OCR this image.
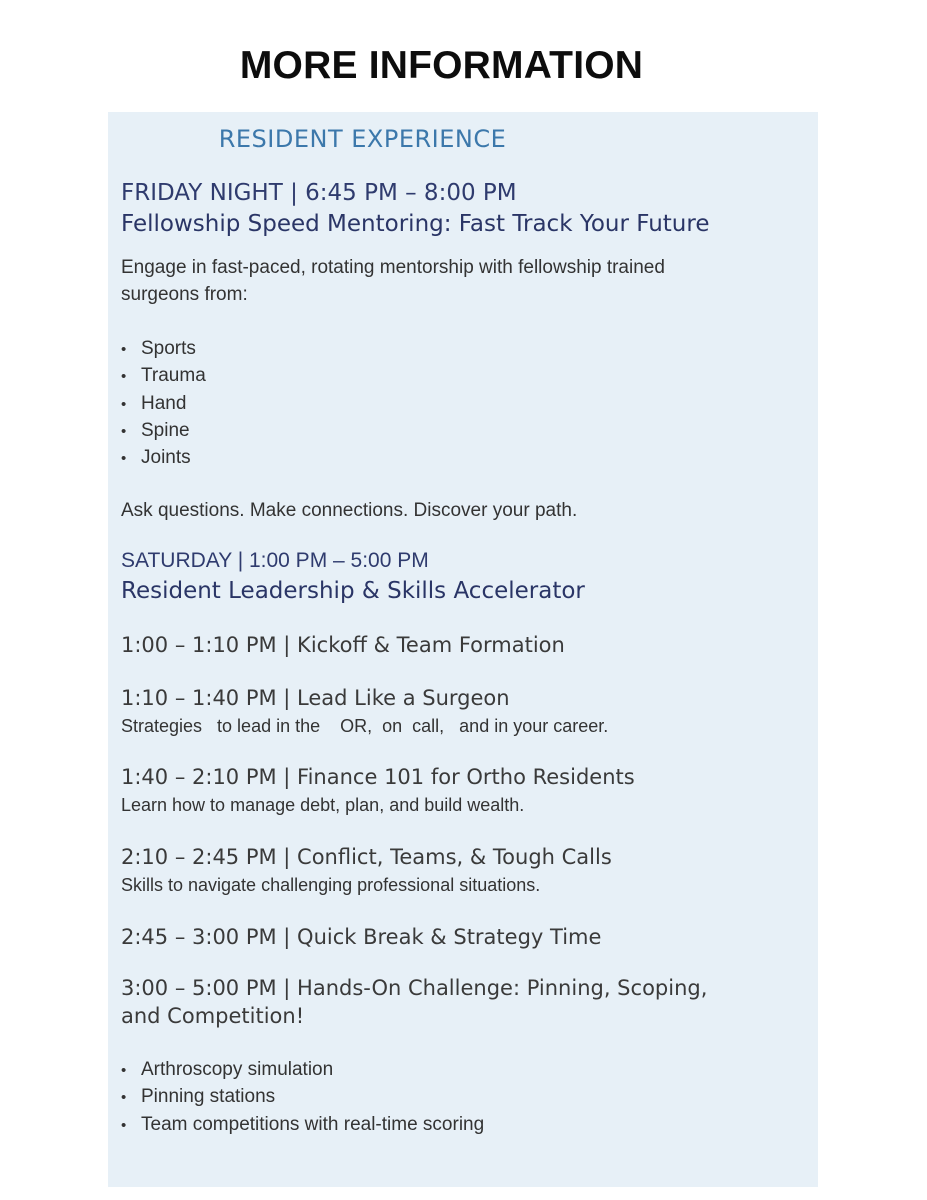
MORE INFORMATION
RESIDENT EXPERIENCE
FRIDAY NIGHT | 6:45 PM – 8:00 PM
Fellowship Speed Mentoring: Fast Track Your Future
Engage in fast-paced, rotating mentorship with fellowship trained
surgeons from:
• Sports
• Trauma
• Hand
• Spine
• Joints
Ask questions. Make connections. Discover your path.
SATURDAY | 1:00 PM – 5:00 PM
Resident Leadership & Skills Accelerator
1:00 – 1:10 PM | Kickoff & Team Formation
1:10 – 1:40 PM | Lead Like a Surgeon
Strategies   to lead in the    OR,  on  call,   and in your career.
1:40 – 2:10 PM | Finance 101 for Ortho Residents
Learn how to manage debt, plan, and build wealth.
2:10 – 2:45 PM | Conflict, Teams, & Tough Calls
Skills to navigate challenging professional situations.
2:45 – 3:00 PM | Quick Break & Strategy Time
3:00 – 5:00 PM | Hands-On Challenge: Pinning, Scoping,
and Competition!
• Arthroscopy simulation
• Pinning stations
• Team competitions with real-time scoring
